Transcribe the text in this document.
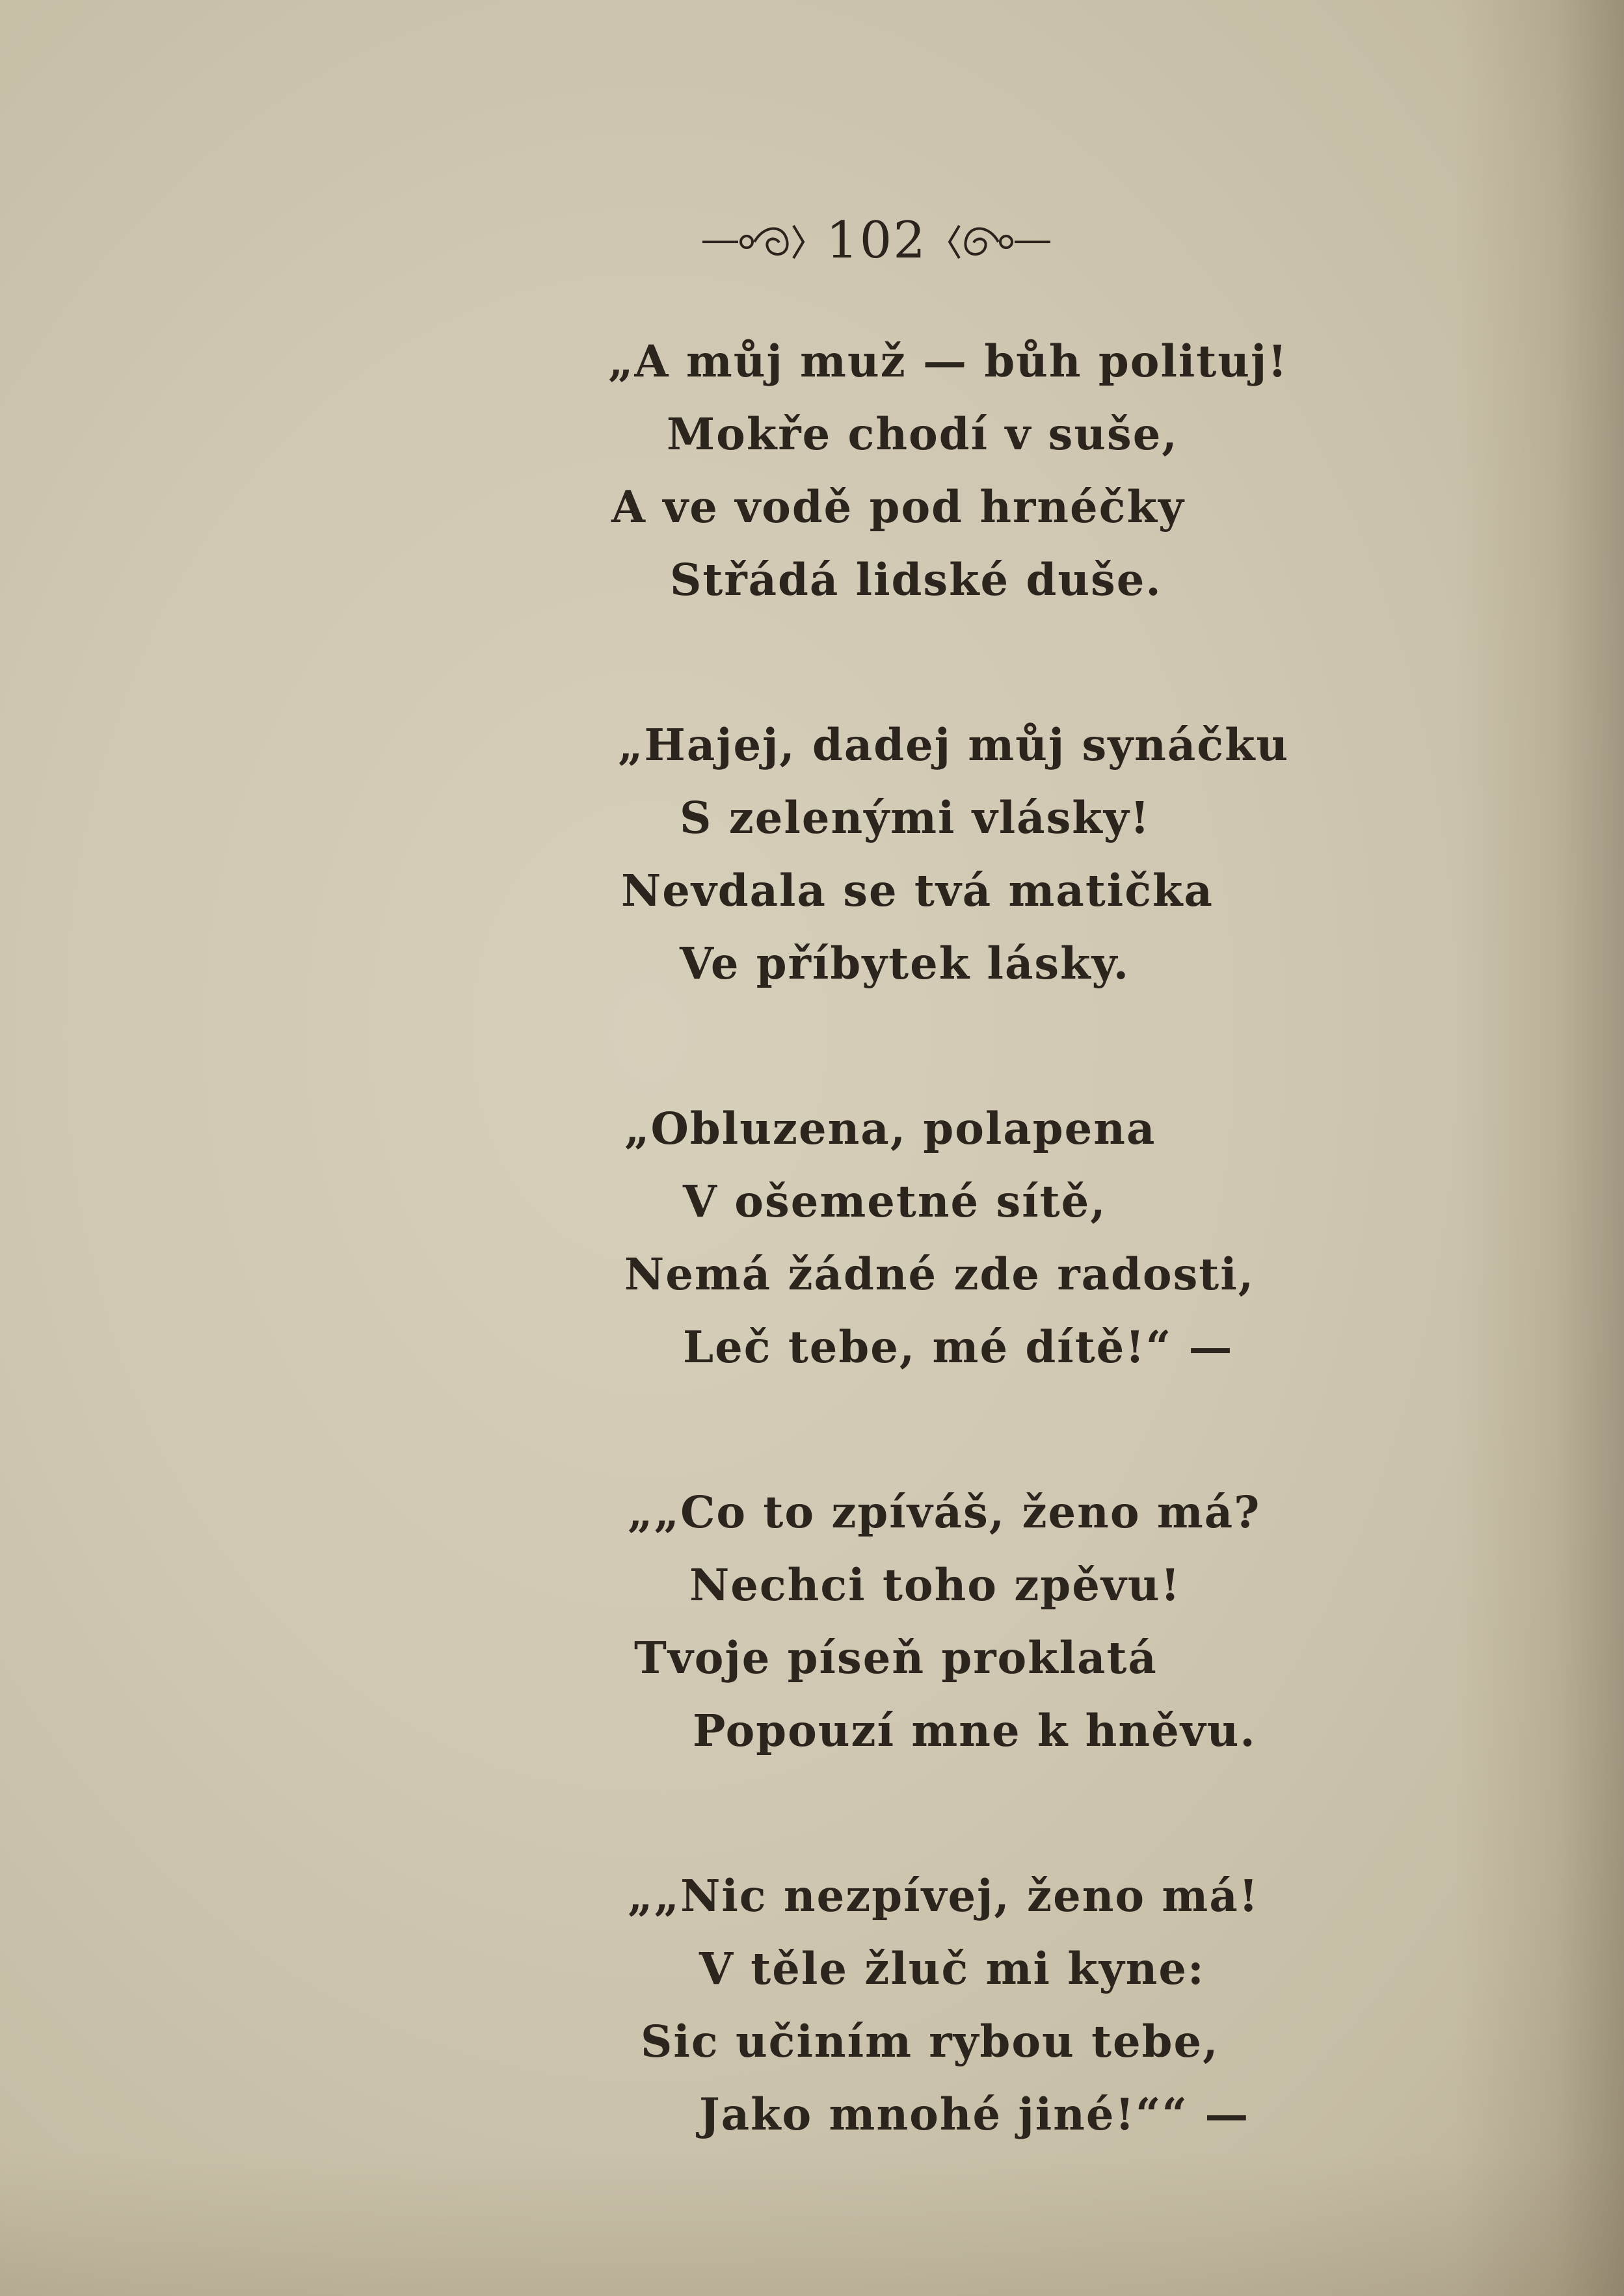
102
„A můj muž — bůh polituj!
Mokře chodí v suše,
A ve vodě pod hrnéčky
Střádá lidské duše.
„Hajej, dadej můj synáčku
S zelenými vlásky!
Nevdala se tvá matička
Ve příbytek lásky.
„Obluzena, polapena
V ošemetné sítě,
Nemá žádné zde radosti,
Leč tebe, mé dítě!“ —
„„Co to zpíváš, ženo má?
Nechci toho zpěvu!
Tvoje píseň proklatá
Popouzí mne k hněvu.
„„Nic nezpívej, ženo má!
V těle žluč mi kyne:
Sic učiním rybou tebe,
Jako mnohé jiné!““ —
